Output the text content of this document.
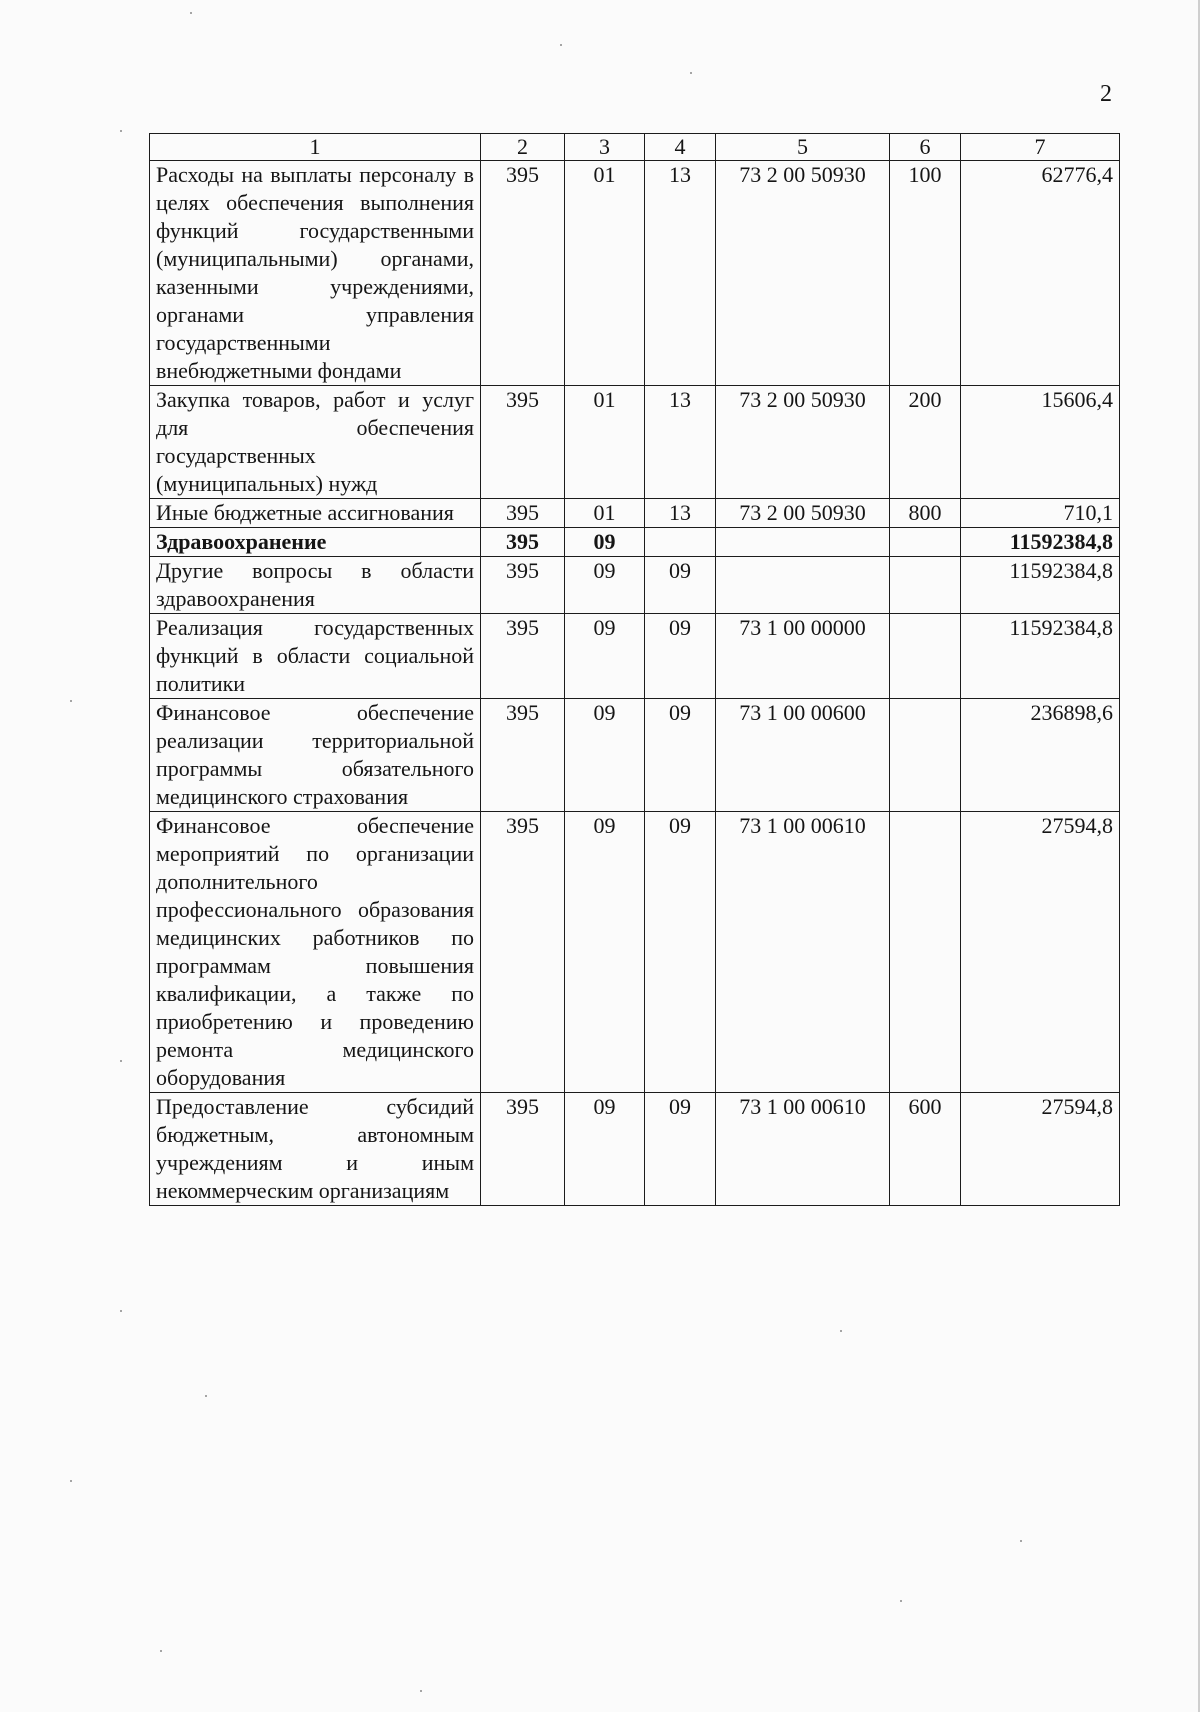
2
1	2	3	4	5	6	7
Расходы на выплаты персоналу в целях обеспечения выполнения функций государственными (муниципальными) органами, казенными учреждениями, органами управления государственными внебюджетными фондами	395	01	13	73 2 00 50930	100	62776,4
Закупка товаров, работ и услуг для обеспечения государственных (муниципальных) нужд	395	01	13	73 2 00 50930	200	15606,4
Иные бюджетные ассигнования	395	01	13	73 2 00 50930	800	710,1
Здравоохранение	395	09				11592384,8
Другие вопросы в области здравоохранения	395	09	09			11592384,8
Реализация государственных функций в области социальной политики	395	09	09	73 1 00 00000		11592384,8
Финансовое обеспечение реализации территориальной программы обязательного медицинского страхования	395	09	09	73 1 00 00600		236898,6
Финансовое обеспечение мероприятий по организации дополнительного профессионального образования медицинских работников по программам повышения квалификации, а также по приобретению и проведению ремонта медицинского оборудования	395	09	09	73 1 00 00610		27594,8
Предоставление субсидий бюджетным, автономным учреждениям и иным некоммерческим организациям	395	09	09	73 1 00 00610	600	27594,8
